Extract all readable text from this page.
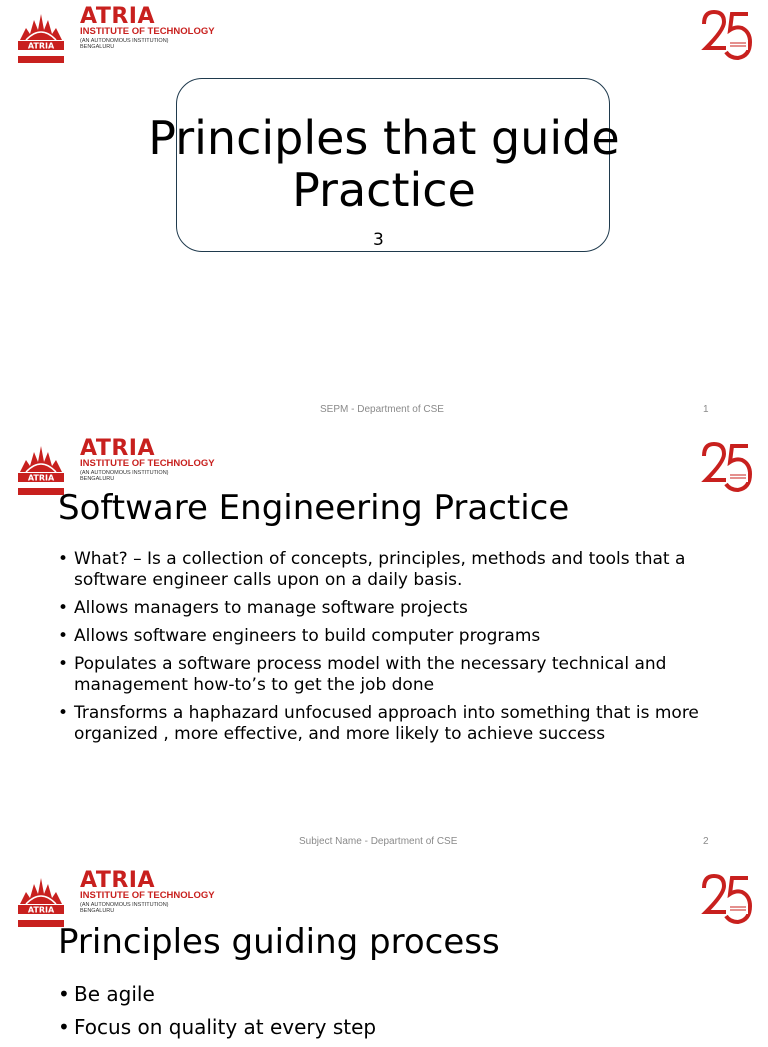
ATRIA
ATRIA
INSTITUTE OF TECHNOLOGY
(AN AUTONOMOUS INSTITUTION)
BENGALURU
Principles that guide
Practice
3
SEPM - Department of CSE	1
ATRIA
ATRIA
INSTITUTE OF TECHNOLOGY
(AN AUTONOMOUS INSTITUTION)
BENGALURU
Software Engineering Practice
• What? – Is a collection of concepts, principles, methods and tools that a software engineer calls upon on a daily basis.
• Allows managers to manage software projects
• Allows software engineers to build computer programs
• Populates a software process model with the necessary technical and management how-to’s to get the job done
• Transforms a haphazard unfocused approach into something that is more organized , more effective, and more likely to achieve success
Subject Name - Department of CSE	2
ATRIA
ATRIA
INSTITUTE OF TECHNOLOGY
(AN AUTONOMOUS INSTITUTION)
BENGALURU
Principles guiding process
• Be agile
• Focus on quality at every step
